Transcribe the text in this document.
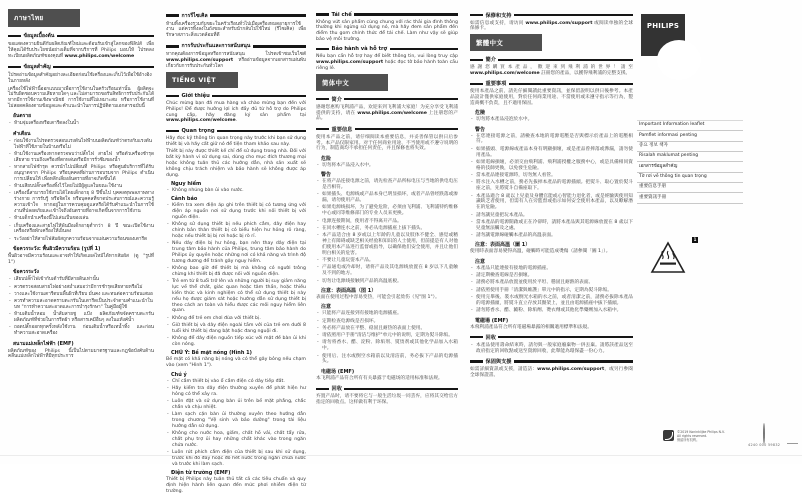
ภาษาไทย
ข้อมูลเบื้องต้น
ขอแสดงความยินดีกับผลิตภัณฑ์ใหม่และต้อนรับเข้าสู่โลกของฟิลิปส์ เพื่อให้คุณได้รับประโยชน์อย่างเต็มที่จากบริการที่ Philips มอบให้ โปรดลงทะเบียนผลิตภัณฑ์ของคุณที่ www.philips.com/welcome
ข้อมูลสำคัญ
โปรดอ่านข้อมูลสำคัญอย่างละเอียดก่อนใช้เครื่องและเก็บไว้เพื่อใช้อ้างอิงในภายหลัง
เครื่องใช้ไฟฟ้านี้ออกแบบมาเพื่อการใช้งานในครัวเรือนเท่านั้น ผู้ผลิตจะไม่รับผิดชอบความเสียหายใดๆ และไม่สามารถขอรับสิทธิการรับประกันได้หากมีการใช้งานเชิงพาณิชย์ การใช้งานที่ไม่เหมาะสม หรือการใช้งานที่ไม่สอดคล้องตามข้อมูลและคำแนะนำในการปฏิบัติตามเอกสารฉบับนี้
อันตราย
- ห้ามจุ่มเครื่องหรือเตารีดลงในน้ำ
คำเตือน
- ก่อนใช้งานโปรดตรวจสอบแรงดันไฟฟ้าบนผลิตภัณฑ์ว่าตรงกับแรงดันไฟฟ้าที่ใช้ภายในบ้านหรือไม่
- ห้ามใช้งานเครื่องหากตรวจพบว่าปลั๊กไฟ สายไฟ หรือตัวเครื่องชำรุดเสียหาย รวมถึงเครื่องที่ตกหล่นหรือมีการรั่วซึมของน้ำ
- หากสายไฟชำรุด ควรนำไปเปลี่ยนที่ Philips หรือศูนย์บริการที่ได้รับอนุญาตจาก Philips หรือบุคคลที่ผ่านการอบรมจาก Philips ดำเนินการเปลี่ยนให้ เพื่อหลีกเลี่ยงอันตรายที่อาจเกิดขึ้นได้
- ห้ามเสียบปลั๊กเครื่องทิ้งไว้โดยไม่มีผู้ดูแลในขณะใช้งาน
- เครื่องนี้สามารถใช้งานได้โดยเด็กอายุ 8 ปีขึ้นไป บุคคลทุพพลภาพทางร่างกาย การรับรู้ หรือจิตใจ หรือบุคคลที่ขาดประสบการณ์และความรู้ความเข้าใจ หากอยู่ในการควบคุมดูแลหรือได้รับคำแนะนำในการใช้งานที่ปลอดภัยและเข้าใจถึงอันตรายที่อาจเกิดขึ้นจากการใช้งาน
- ห้ามเด็กนำเครื่องนี้ไปเล่นเป็นของเล่น
- เก็บเครื่องและสายไฟให้พ้นมือเด็กอายุต่ำกว่า 8 ปี ขณะเปิดใช้งานเครื่องหรือพักเครื่องให้เย็นลง
- ระวังอย่าให้สายไฟสัมผัสถูกความร้อนจากแผ่นความร้อนของเตารีด
ข้อควรระวัง: พื้นผิวมีความร้อน (รูปที่ 1)
พื้นผิวอาจมีความร้อนและอาจทำให้เกิดแผลไหม้ได้หากสัมผัส (ดู "รูปที่ 1")
ข้อควรระวัง
- เสียบปลั๊กไฟเข้ากับเต้ารับที่มีสายดินเท่านั้น
- ควรตรวจสอบสายไฟอย่างสม่ำเสมอว่ามีการชำรุดเสียหายหรือไม่
- วางและใช้งานเตารีดบนพื้นผิวที่เรียบ มั่นคง และทนต่อความร้อนเสมอ
- ควรทำความสะอาดคราบตะกรันในเตารีดเป็นประจำตามคำแนะนำในบท "การทำความสะอาดและการบำรุงรักษา" ในคู่มือผู้ใช้
- ห้ามเติมน้ำหอม น้ำส้มสายชู แป้ง ผลิตภัณฑ์ขจัดคราบตะกรัน ผลิตภัณฑ์ที่ช่วยในการรีดผ้า หรือสารเคมีอื่นๆ ลงในแท้งค์น้ำ
- ถอดปลั๊กออกทุกครั้งหลังใช้งาน ก่อนเติมน้ำหรือเทน้ำทิ้ง และก่อนทำความสะอาดเครื่อง
สนามแม่เหล็กไฟฟ้า (EMF)
ผลิตภัณฑ์ของ Philips นี้เป็นไปตามมาตรฐานและกฎข้อบังคับด้านคลื่นแม่เหล็กไฟฟ้าที่มีทุกประการ
การรีไซเคิล
ห้ามทิ้งเครื่องรวมกับขยะในครัวเรือนทั่วไปเมื่อเครื่องหมดอายุการใช้งาน แต่ควรทิ้งลงในถังขยะสำหรับนำกลับไปใช้ใหม่ (รีไซเคิล) เพื่อรักษาสภาวะสิ่งแวดล้อมที่ดี
การรับประกันและการสนับสนุน
หากคุณต้องการข้อมูลหรือการสนับสนุน โปรดเข้าชมเว็บไซต์ www.philips.com/support หรืออ่านข้อมูลจากเอกสารแผ่นพับเกี่ยวกับการรับประกันทั่วโลก
TIẾNG VIỆT
Giới thiệu
Chúc mừng bạn đã mua hàng và chào mừng bạn đến với Philips! Để được hưởng lợi ích đầy đủ từ hỗ trợ do Philips cung cấp, hãy đăng ký sản phẩm tại www.philips.com/welcome.
Quan trọng
Hãy đọc kỹ thông tin quan trọng này trước khi bạn sử dụng thiết bị và hãy cất giữ nó để tiện tham khảo sau này.
Thiết bị này được thiết kế chỉ để sử dụng trong nhà. Đối với bất kỳ hành vi sử dụng sai, dùng cho mục đích thương mại hoặc không tuân thủ các hướng dẫn, nhà sản xuất sẽ không chịu trách nhiệm và bảo hành sẽ không được áp dụng.
Nguy hiểm
- Không nhúng bàn ủi vào nước.
Cảnh báo
- Kiểm tra xem điện áp ghi trên thiết bị có tương ứng với điện áp nguồn nơi sử dụng trước khi nối thiết bị với nguồn điện.
- Không sử dụng thiết bị nếu phích cắm, dây điện hay chính bản thân thiết bị có biểu hiện hư hỏng rõ ràng, hoặc nếu thiết bị bị rơi hoặc bị rò rỉ.
- Nếu dây điện bị hư hỏng, bạn nên thay dây điện tại trung tâm bảo hành của Philips, trung tâm bảo hành do Philips ủy quyền hoặc những nơi có khả năng và trình độ tương đương để tránh gây nguy hiểm.
- Không bao giờ để thiết bị mà không có người trông chừng khi thiết bị đã được nối với nguồn điện.
- Trẻ em từ 8 tuổi trở lên và những người bị suy giảm năng lực về thể chất, giác quan hoặc tâm thần, hoặc thiếu kiến thức và kinh nghiệm có thể sử dụng thiết bị này nếu họ được giám sát hoặc hướng dẫn sử dụng thiết bị theo cách an toàn và hiểu được các mối nguy hiểm liên quan.
- Không để trẻ em chơi đùa với thiết bị.
- Giữ thiết bị và dây điện ngoài tầm với của trẻ em dưới 8 tuổi khi thiết bị đang bật hoặc đang nguội đi.
- Không để dây điện nguồn tiếp xúc với mặt đế bàn ủi khi còn nóng.
CHÚ Ý: Bề mặt nóng (Hình 1)
Bề mặt có khả năng bị nóng và có thể gây bỏng nếu chạm vào (xem "Hình 1").
Chú ý
- Chỉ cắm thiết bị vào ổ cắm điện có dây tiếp đất.
- Hãy kiểm tra dây điện thường xuyên để phát hiện hư hỏng có thể xảy ra.
- Luôn đặt và sử dụng bàn ủi trên bề mặt phẳng, chắc chắn và chịu nhiệt.
- Làm sạch cặn bàn ủi thường xuyên theo hướng dẫn trong chương "Vệ sinh và bảo dưỡng" trong tài liệu hướng dẫn sử dụng.
- Không cho nước hoa, giấm, chất hồ vải, chất tẩy rửa, chất phụ trợ ủi hay những chất khác vào trong ngăn chứa nước.
- Luôn rút phích cắm điện của thiết bị sau khi sử dụng, trước khi đổ đầy hoặc đổ hết nước trong ngăn chứa nước và trước khi làm sạch.
Điện từ trường (EMF)
Thiết bị Philips này tuân thủ tất cả các tiêu chuẩn và quy định hiện hành liên quan đến mức phơi nhiễm điện từ trường.
Tái chế
Không vứt sản phẩm cùng chung với rác thải gia đình thông thường khi ngừng sử dụng nó, mà hãy đem sản phẩm đến điểm thu gom chính thức để tái chế. Làm như vậy sẽ giúp bảo vệ môi trường.
Bảo hành và hỗ trợ
Nếu bạn cần hỗ trợ hay để biết thông tin, vui lòng truy cập www.philips.com/support hoặc đọc tờ bảo hành toàn cầu riêng lẻ.
简体中文
简介
感谢您惠购飞利浦产品，欢迎来到飞利浦大家庭！为充分享受飞利浦提供的支持，请在 www.philips.com/welcome 上注册您的产品。
重要信息
使用本产品之前，请仔细阅读本重要信息，并妥善保管以供日后参考。本产品仅限家用。对于任何商业用途、不当使用或不遵守说明的行为，制造商均不承担任何责任，并且保修也将失效。
危险
- 切勿将本产品浸入水中。
警告
- 在将产品连接电源之前，请先检查产品所标电压与当地的供电电压是否相符。
- 如果插头、电源线或产品本身已明显损坏，或者产品曾经跌落或渗漏，请勿使用产品。
- 如果电源线损坏，为了避免危险，必须由飞利浦、飞利浦特约维修中心或同等维修部门的专业人员来更换。
- 电源连接期间，使用者不得离开产品。
- 在同水槽连水之前，务必从电源插座上拔下插头。
- 本产品适合由 8 岁或以上年龄的儿童以及肢体不健全、感觉或精神上有障碍或缺乏相关经验和知识的人士使用，但前提是有人对他们使用本产品进行监督或指导，以确保他们安全使用，并且让他们明白相关的危害。
- 不要让儿童玩耍本产品。
- 产品通电或冷却时，请将产品及其电源线放置在 8 岁以下儿童触及不到的地方。
- 切勿让电源线接触到产品的高温底板。
注意：表面高温（图 1）
表面在使用过程中容易变热，可能会引起烫伤（见"图 1"）。
注意
- 只能将产品连接到有接地的电源插座。
- 定期检查电源线是否损坏。
- 务必将产品放在平整、稳固且耐热的表面上使用。
- 请依照用户手册"清洁与维护"单元中的说明，定期为熨斗除垢。
- 请勿将香水、醋、淀粉、除垢剂、熨烫剂或其他化学品加入水箱中。
- 使用后、注水或倒空水箱前以及清洁前，务必拔下产品的电源插头。
电磁场 (EMF)
本飞利浦产品符合所有有关暴露于电磁场的适用标准和法规。
回收
弃置产品时，请不要将它与一般生活垃圾一同丢弃，应将其交给官方指定的回收点。这样做有利于环保。
保修和支持
如需信息或支持，请访问 www.philips.com/support 或阅读单独的全球保修卡。
繁體中文
簡介
感謝您購買本產品，歡迎來到飛利浦的世界！請至 www.philips.com/welcome 註冊您的產品，以獲得飛利浦的完整支援。
重要事項
使用本產品之前，請先仔細閱讀此重要資訊，並保留說明以供日後參考。本產品設計僅供家庭使用，對於任何商業用途、不當使用或未遵守指示等行為，製造商概不負責，且不適用保固。
危險
- 切勿將本產品浸泡於水中。
警告
- 在您連接電源之前，請檢查本地的電源電壓是否與標示於產品上的電壓相符。
- 如果插頭、電源線或產品本身有明顯損壞，或是產品曾摔落或滲漏，請勿使用產品。
- 如果電線損壞，必須交由飛利浦、飛利浦授權之服務中心，或是具備相同資格的技師更換，以免發生危險。
- 當本產品連接電源時，切勿無人看管。
- 將水注入水槽之前，務必先拔掉本產品的電源插頭。把熨斗、取心置於熨斗座之前，先將熨斗自備座取下。
- 本產品適合 8 歲以上兒童及身體官能或心智能力退化者，或是經驗與使用知識缺乏者使用，但需有人在旁監督或指示如何安全使用本產品，以及瞭解潛在的危險。
- 請勿讓兒童把玩本產品。
- 當本產品的電源開啟或正在冷卻時，請將本產品與其電源線放置在 8 歲以下兒童無法觸及之處。
- 請勿讓電源線碰觸本產品的高溫表面。
注意：表面高溫（圖 1）
使用時表面容易變得高溫，碰觸時可能造成燙傷（請參閱「圖 1」）。
注意
- 本產品只能連接有接地的電源插座。
- 請定期檢查電線是否損壞。
- 請務必將本產品放置並使用於平坦、穩固且耐熱的表面。
- 請依照使用手冊「清潔與維護」單元中的指示，定期為熨斗除垢。
- 使用完畢後、裝水或倒光水箱的水之前，或者清潔之前，請務必拔除本產品的電源插頭，將熨斗直立存放其圈架上，並且由電源插座中拔下插頭。
- 請勿將香水、醋、澱粉、除垢劑、燙衣劑或其他化學藥劑加入水箱中。
電磁場 (EMF)
本飛利浦產品符合所有電磁場暴露的相關適用標準和法規。
回收
- 本產品使用壽命結束時，請勿與一般家庭廢棄物一併丟棄。請將該產品送至政府指定的回收點或送至資源回收，此舉能為環保盡一份心力。
保固與支援
如需詳細資訊或支援，請造訪：www.philips.com/support，或另行參閱全球保證書。
PHILIPS
Important Information leaflet
Pamflet informasi penting
중요 정보 책자
Risalah maklumat penting
เอกสารข้อมูลสำคัญ
Tờ rơi về thông tin quan trọng
重要信息手册
重要資訊手冊
1
©2019 Koninklijke Philips N.V.
All rights reserved.
保留所有权利。
4240 000 59832
